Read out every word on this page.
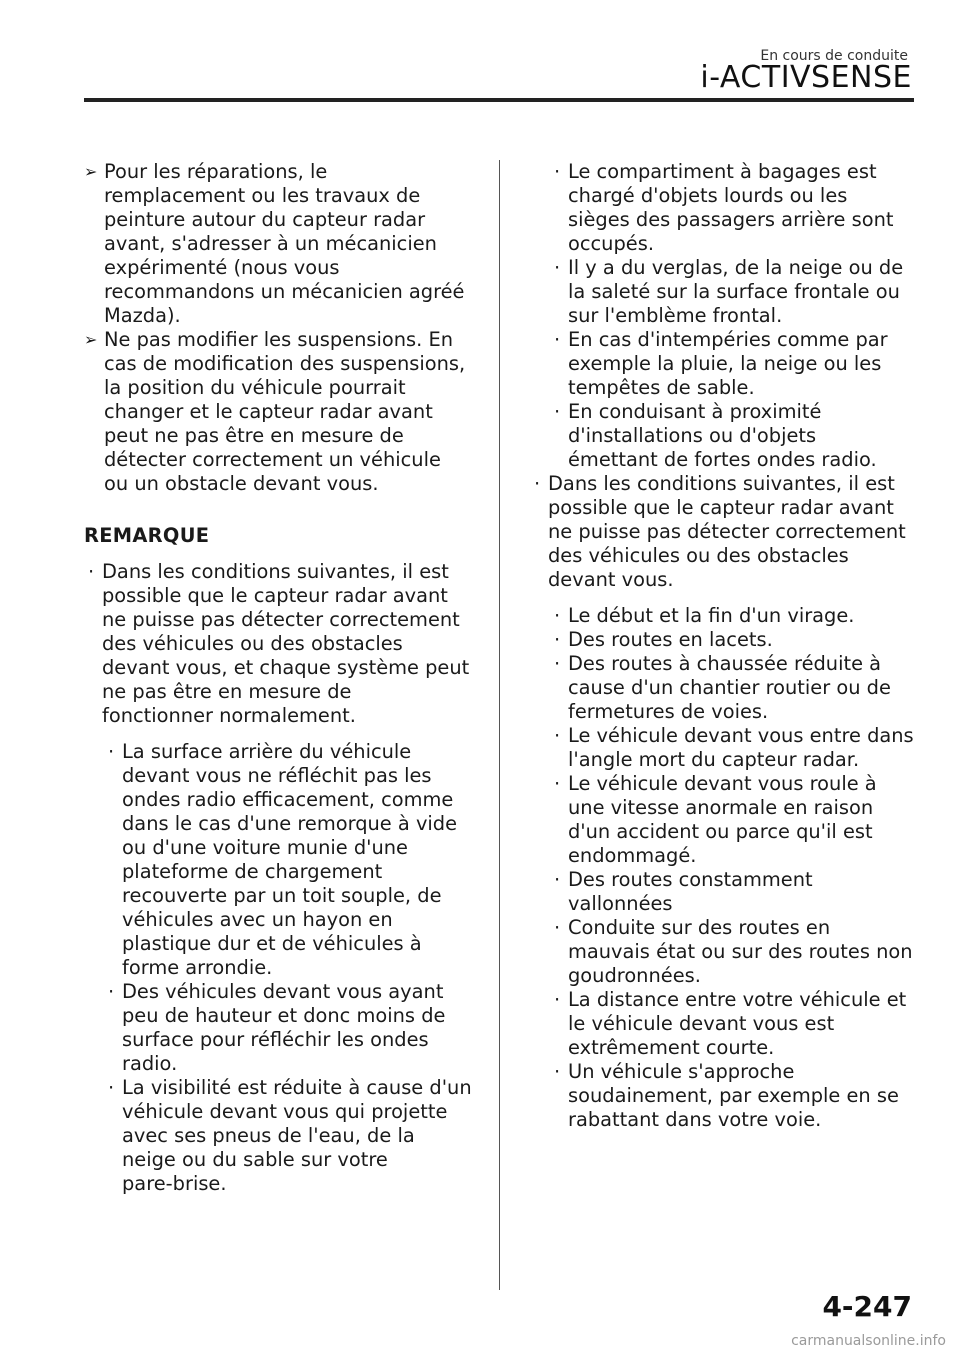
En cours de conduite
i-ACTIVSENSE
➢ Pour les réparations, le
remplacement ou les travaux de
peinture autour du capteur radar
avant, s'adresser à un mécanicien
expérimenté (nous vous
recommandons un mécanicien agréé
Mazda).
➢ Ne pas modifier les suspensions. En
cas de modification des suspensions,
la position du véhicule pourrait
changer et le capteur radar avant
peut ne pas être en mesure de
détecter correctement un véhicule
ou un obstacle devant vous.
REMARQUE
· Dans les conditions suivantes, il est
possible que le capteur radar avant
ne puisse pas détecter correctement
des véhicules ou des obstacles
devant vous, et chaque système peut
ne pas être en mesure de
fonctionner normalement.
· La surface arrière du véhicule
devant vous ne réfléchit pas les
ondes radio efficacement, comme
dans le cas d'une remorque à vide
ou d'une voiture munie d'une
plateforme de chargement
recouverte par un toit souple, de
véhicules avec un hayon en
plastique dur et de véhicules à
forme arrondie.
· Des véhicules devant vous ayant
peu de hauteur et donc moins de
surface pour réfléchir les ondes
radio.
· La visibilité est réduite à cause d'un
véhicule devant vous qui projette
avec ses pneus de l'eau, de la
neige ou du sable sur votre
pare-brise.
· Le compartiment à bagages est
chargé d'objets lourds ou les
sièges des passagers arrière sont
occupés.
· Il y a du verglas, de la neige ou de
la saleté sur la surface frontale ou
sur l'emblème frontal.
· En cas d'intempéries comme par
exemple la pluie, la neige ou les
tempêtes de sable.
· En conduisant à proximité
d'installations ou d'objets
émettant de fortes ondes radio.
· Dans les conditions suivantes, il est
possible que le capteur radar avant
ne puisse pas détecter correctement
des véhicules ou des obstacles
devant vous.
· Le début et la fin d'un virage.
· Des routes en lacets.
· Des routes à chaussée réduite à
cause d'un chantier routier ou de
fermetures de voies.
· Le véhicule devant vous entre dans
l'angle mort du capteur radar.
· Le véhicule devant vous roule à
une vitesse anormale en raison
d'un accident ou parce qu'il est
endommagé.
· Des routes constamment
vallonnées
· Conduite sur des routes en
mauvais état ou sur des routes non
goudronnées.
· La distance entre votre véhicule et
le véhicule devant vous est
extrêmement courte.
· Un véhicule s'approche
soudainement, par exemple en se
rabattant dans votre voie.
4-247
carmanualsonline.info
